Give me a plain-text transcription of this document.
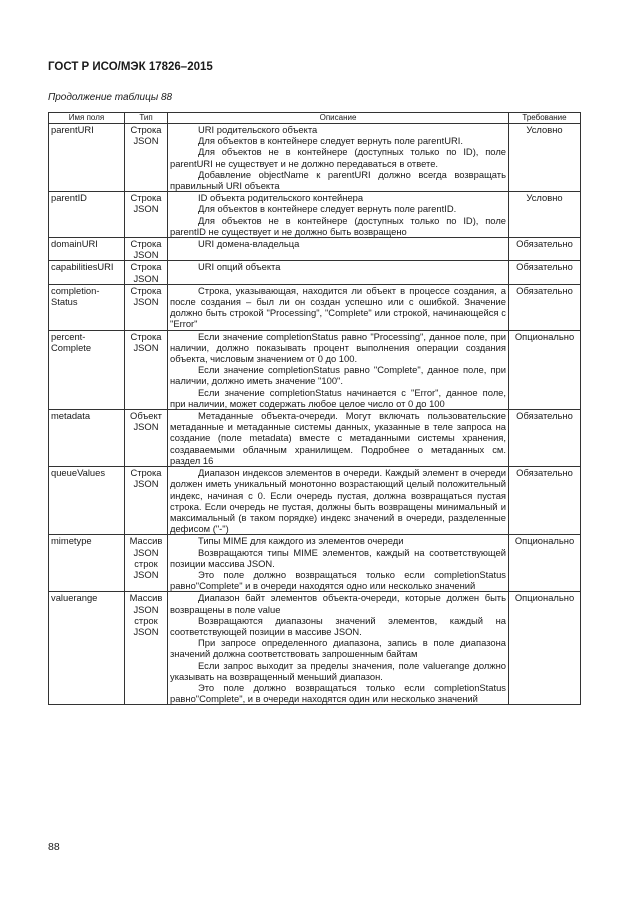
ГОСТ Р ИСО/МЭК 17826–2015
Продолжение таблицы 88
Имя поля	Тип	Описание	Требование
parentURI	Строка JSON	URI родительского объекта
Для объектов в контейнере следует вернуть поле parentURI.
Для объектов не в контейнере (доступных только по ID), поле parentURI не существует и не должно передаваться в ответе.
Добавление objectName к parentURI должно всегда возвращать правильный URI объекта	Условно
parentID	Строка JSON	ID объекта родительского контейнера
Для объектов в контейнере следует вернуть поле parentID.
Для объектов не в контейнере (доступных только по ID), поле parentID не существует и не должно быть возвращено	Условно
domainURI	Строка JSON	URI домена-владельца	Обязательно
capabilitiesURI	Строка JSON	URI опций объекта	Обязательно
completion-Status	Строка JSON	Строка, указывающая, находится ли объект в процессе создания, а после создания – был ли он создан успешно или с ошибкой. Значение должно быть строкой "Processing", "Complete" или строкой, начинающейся с "Error"	Обязательно
percent-Complete	Строка JSON	Если значение completionStatus равно "Processing", данное поле, при наличии, должно показывать процент выполнения операции создания объекта, числовым значением от 0 до 100.
Если значение completionStatus равно "Complete", данное поле, при наличии, должно иметь значение "100".
Если значение completionStatus начинается с "Error", данное поле, при наличии, может содержать любое целое число от 0 до 100	Опционально
metadata	Объект JSON	Метаданные объекта-очереди. Могут включать пользовательские метаданные и метаданные системы данных, указанные в теле запроса на создание (поле metadata) вместе с метаданными системы хранения, создаваемыми облачным хранилищем. Подробнее о метаданных см. раздел 16	Обязательно
queueValues	Строка JSON	Диапазон индексов элементов в очереди. Каждый элемент в очереди должен иметь уникальный монотонно возрастающий целый положительный индекс, начиная с 0. Если очередь пустая, должна возвращаться пустая строка. Если очередь не пустая, должны быть возвращены минимальный и максимальный (в таком порядке) индекс значений в очереди, разделенные дефисом ("-")	Обязательно
mimetype	Массив JSON строк JSON	Типы MIME для каждого из элементов очереди
Возвращаются типы MIME элементов, каждый на соответствующей позиции массива JSON.
Это поле должно возвращаться только если completionStatus равно"Complete" и в очереди находятся одно или несколько значений	Опционально
valuerange	Массив JSON строк JSON	Диапазон байт элементов объекта-очереди, которые должен быть возвращены в поле value
Возвращаются диапазоны значений элементов, каждый на соответствующей позиции в массиве JSON.
При запросе определенного диапазона, запись в поле диапазона значений должна соответствовать запрошенным байтам
Если запрос выходит за пределы значения, поле valuerange должно указывать на возвращенный меньший диапазон.
Это поле должно возвращаться только если completionStatus равно"Complete", и в очереди находятся один или несколько значений	Опционально
88
